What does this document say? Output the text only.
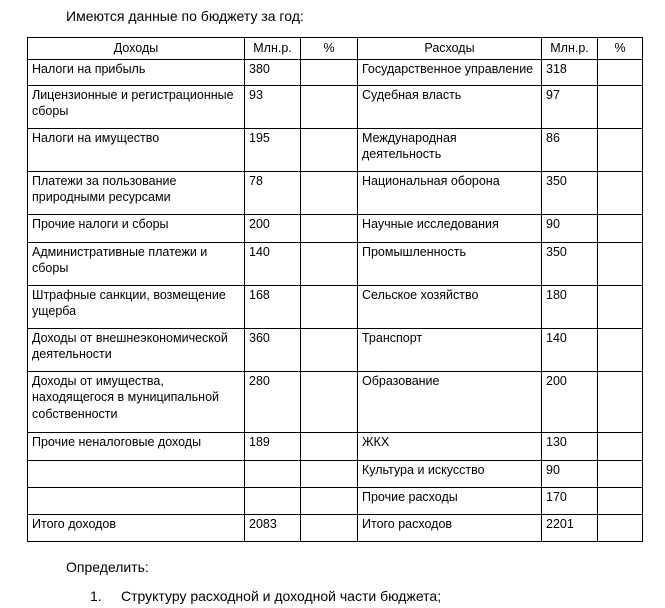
Имеются данные по бюджету за год:
Доходы	Млн.р.	%	Расходы	Млн.р.	%
Налоги на прибыль	380		Государственное управление	318	
Лицензионные и регистрационные сборы	93		Судебная власть	97	
Налоги на имущество	195		Международная деятельность	86	
Платежи за пользование природными ресурсами	78		Национальная оборона	350	
Прочие налоги и сборы	200		Научные исследования	90	
Административные платежи и сборы	140		Промышленность	350	
Штрафные санкции, возмещение ущерба	168		Сельское хозяйство	180	
Доходы от внешнеэкономической деятельности	360		Транспорт	140	
Доходы от имущества, находящегося в муниципальной собственности	280		Образование	200	
Прочие неналоговые доходы	189		ЖКХ	130	
			Культура и искусство	90	
			Прочие расходы	170	
Итого доходов	2083		Итого расходов	2201	
Определить:
1. Структуру расходной и доходной части бюджета;
